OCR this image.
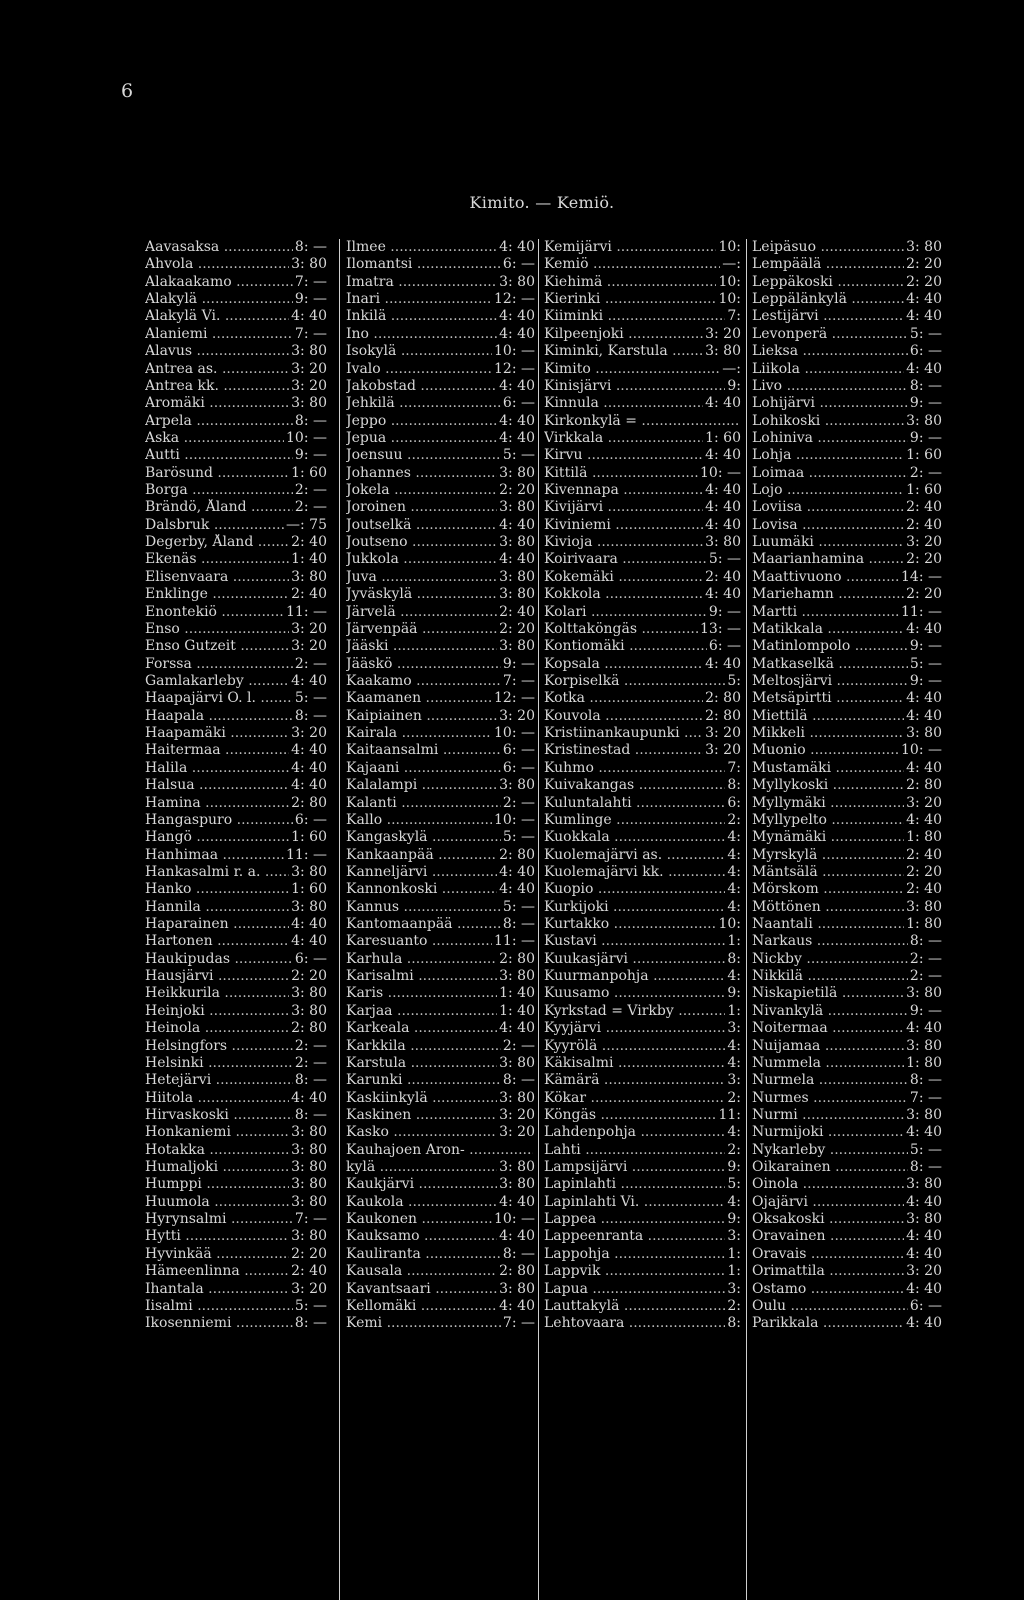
6
Kimito. — Kemiö.
Aavasaksa .....	8: —
Ahvola .....	3: 80
Alakaakamo .....	7: —
Alakylä .....	9: —
Alakylä Vi. .....	4: 40
Alaniemi .....	7: —
Alavus .....	3: 80
Antrea as. .....	3: 20
Antrea kk. .....	3: 20
Aromäki .....	3: 80
Arpela .....	8: —
Aska .....	10: —
Autti .....	9: —
Barösund .....	1: 60
Borga .....	2: —
Brändö, Åland .....	2: —
Dalsbruk .....	—: 75
Degerby, Åland .....	2: 40
Ekenäs .....	1: 40
Elisenvaara .....	3: 80
Enklinge .....	2: 40
Enontekiö .....	11: —
Enso .....	3: 20
Enso Gutzeit .....	3: 20
Forssa .....	2: —
Gamlakarleby .....	4: 40
Haapajärvi O. l. .....	5: —
Haapala .....	8: —
Haapamäki .....	3: 20
Haitermaa .....	4: 40
Halila .....	4: 40
Halsua .....	4: 40
Hamina .....	2: 80
Hangaspuro .....	6: —
Hangö .....	1: 60
Hanhimaa .....	11: —
Hankasalmi r. a. .....	3: 80
Hanko .....	1: 60
Hannila .....	3: 80
Haparainen .....	4: 40
Hartonen .....	4: 40
Haukipudas .....	6: —
Hausjärvi .....	2: 20
Heikkurila .....	3: 80
Heinjoki .....	3: 80
Heinola .....	2: 80
Helsingfors .....	2: —
Helsinki .....	2: —
Hetejärvi .....	8: —
Hiitola .....	4: 40
Hirvaskoski .....	8: —
Honkaniemi .....	3: 80
Hotakka .....	3: 80
Humaljoki .....	3: 80
Humppi .....	3: 80
Huumola .....	3: 80
Hyrynsalmi .....	7: —
Hytti .....	3: 80
Hyvinkää .....	2: 20
Hämeenlinna .....	2: 40
Ihantala .....	3: 20
Iisalmi .....	5: —
Ikosenniemi .....	8: —
Ilmee .....	4: 40
Ilomantsi .....	6: —
Imatra .....	3: 80
Inari .....	12: —
Inkilä .....	4: 40
Ino .....	4: 40
Isokylä .....	10: —
Ivalo .....	12: —
Jakobstad .....	4: 40
Jehkilä .....	6: —
Jeppo .....	4: 40
Jepua .....	4: 40
Joensuu .....	5: —
Johannes .....	3: 80
Jokela .....	2: 20
Joroinen .....	3: 80
Joutselkä .....	4: 40
Joutseno .....	3: 80
Jukkola .....	4: 40
Juva .....	3: 80
Jyväskylä .....	3: 80
Järvelä .....	2: 40
Järvenpää .....	2: 20
Jääski .....	3: 80
Jääskö .....	9: —
Kaakamo .....	7: —
Kaamanen .....	12: —
Kaipiainen .....	3: 20
Kairala .....	10: —
Kaitaansalmi .....	6: —
Kajaani .....	6: —
Kalalampi .....	3: 80
Kalanti .....	2: —
Kallo .....	10: —
Kangaskylä .....	5: —
Kankaanpää .....	2: 80
Kanneljärvi .....	4: 40
Kannonkoski .....	4: 40
Kannus .....	5: —
Kantomaanpää .....	8: —
Karesuanto .....	11: —
Karhula .....	2: 80
Karisalmi .....	3: 80
Karis .....	1: 40
Karjaa .....	1: 40
Karkeala .....	4: 40
Karkkila .....	2: —
Karstula .....	3: 80
Karunki .....	8: —
Kaskiinkylä .....	3: 80
Kaskinen .....	3: 20
Kasko .....	3: 20
Kauhajoen Aron- .....
kylä .....	3: 80
Kaukjärvi .....	3: 80
Kaukola .....	4: 40
Kaukonen .....	10: —
Kauksamo .....	4: 40
Kauliranta .....	8: —
Kausala .....	2: 80
Kavantsaari .....	3: 80
Kellomäki .....	4: 40
Kemi .....	7: —
Kemijärvi .....	10:
Kemiö .....	—:
Kiehimä .....	10:
Kierinki .....	10:
Kiiminki .....	7:
Kilpeenjoki .....	3: 20
Kiminki, Karstula .....	3: 80
Kimito .....	—:
Kinisjärvi .....	9:
Kinnula .....	4: 40
Kirkonkylä = .....
Virkkala .....	1: 60
Kirvu .....	4: 40
Kittilä .....	10: —
Kivennapa .....	4: 40
Kivijärvi .....	4: 40
Kiviniemi .....	4: 40
Kivioja .....	3: 80
Koirivaara .....	5: —
Kokemäki .....	2: 40
Kokkola .....	4: 40
Kolari .....	9: —
Kolttaköngäs .....	13: —
Kontiomäki .....	6: —
Kopsala .....	4: 40
Korpiselkä .....	5:
Kotka .....	2: 80
Kouvola .....	2: 80
Kristiinankaupunki .....	3: 20
Kristinestad .....	3: 20
Kuhmo .....	7:
Kuivakangas .....	8:
Kuluntalahti .....	6:
Kumlinge .....	2:
Kuokkala .....	4:
Kuolemajärvi as. .....	4:
Kuolemajärvi kk. .....	4:
Kuopio .....	4:
Kurkijoki .....	4:
Kurtakko .....	10:
Kustavi .....	1:
Kuukasjärvi .....	8:
Kuurmanpohja .....	4:
Kuusamo .....	9:
Kyrkstad = Virkby .....	1:
Kyyjärvi .....	3:
Kyyrölä .....	4:
Käkisalmi .....	4:
Kämärä .....	3:
Kökar .....	2:
Köngäs .....	11:
Lahdenpohja .....	4:
Lahti .....	2:
Lampsijärvi .....	9:
Lapinlahti .....	5:
Lapinlahti Vi. .....	4:
Lappea .....	9:
Lappeenranta .....	3:
Lappohja .....	1:
Lappvik .....	1:
Lapua .....	3:
Lauttakylä .....	2:
Lehtovaara .....	8:
Leipäsuo .....	3: 80
Lempäälä .....	2: 20
Leppäkoski .....	2: 20
Leppälänkylä .....	4: 40
Lestijärvi .....	4: 40
Levonperä .....	5: —
Lieksa .....	6: —
Liikola .....	4: 40
Livo .....	8: —
Lohijärvi .....	9: —
Lohikoski .....	3: 80
Lohiniva .....	9: —
Lohja .....	1: 60
Loimaa .....	2: —
Lojo .....	1: 60
Loviisa .....	2: 40
Lovisa .....	2: 40
Luumäki .....	3: 20
Maarianhamina .....	2: 20
Maattivuono .....	14: —
Mariehamn .....	2: 20
Martti .....	11: —
Matikkala .....	4: 40
Matinlompolo .....	9: —
Matkaselkä .....	5: —
Meltosjärvi .....	9: —
Metsäpirtti .....	4: 40
Miettilä .....	4: 40
Mikkeli .....	3: 80
Muonio .....	10: —
Mustamäki .....	4: 40
Myllykoski .....	2: 80
Myllymäki .....	3: 20
Myllypelto .....	4: 40
Mynämäki .....	1: 80
Myrskylä .....	2: 40
Mäntsälä .....	2: 20
Mörskom .....	2: 40
Möttönen .....	3: 80
Naantali .....	1: 80
Narkaus .....	8: —
Nickby .....	2: —
Nikkilä .....	2: —
Niskapietilä .....	3: 80
Nivankylä .....	9: —
Noitermaa .....	4: 40
Nuijamaa .....	3: 80
Nummela .....	1: 80
Nurmela .....	8: —
Nurmes .....	7: —
Nurmi .....	3: 80
Nurmijoki .....	4: 40
Nykarleby .....	5: —
Oikarainen .....	8: —
Oinola .....	3: 80
Ojajärvi .....	4: 40
Oksakoski .....	3: 80
Oravainen .....	4: 40
Oravais .....	4: 40
Orimattila .....	3: 20
Ostamo .....	4: 40
Oulu .....	6: —
Parikkala .....	4: 40
